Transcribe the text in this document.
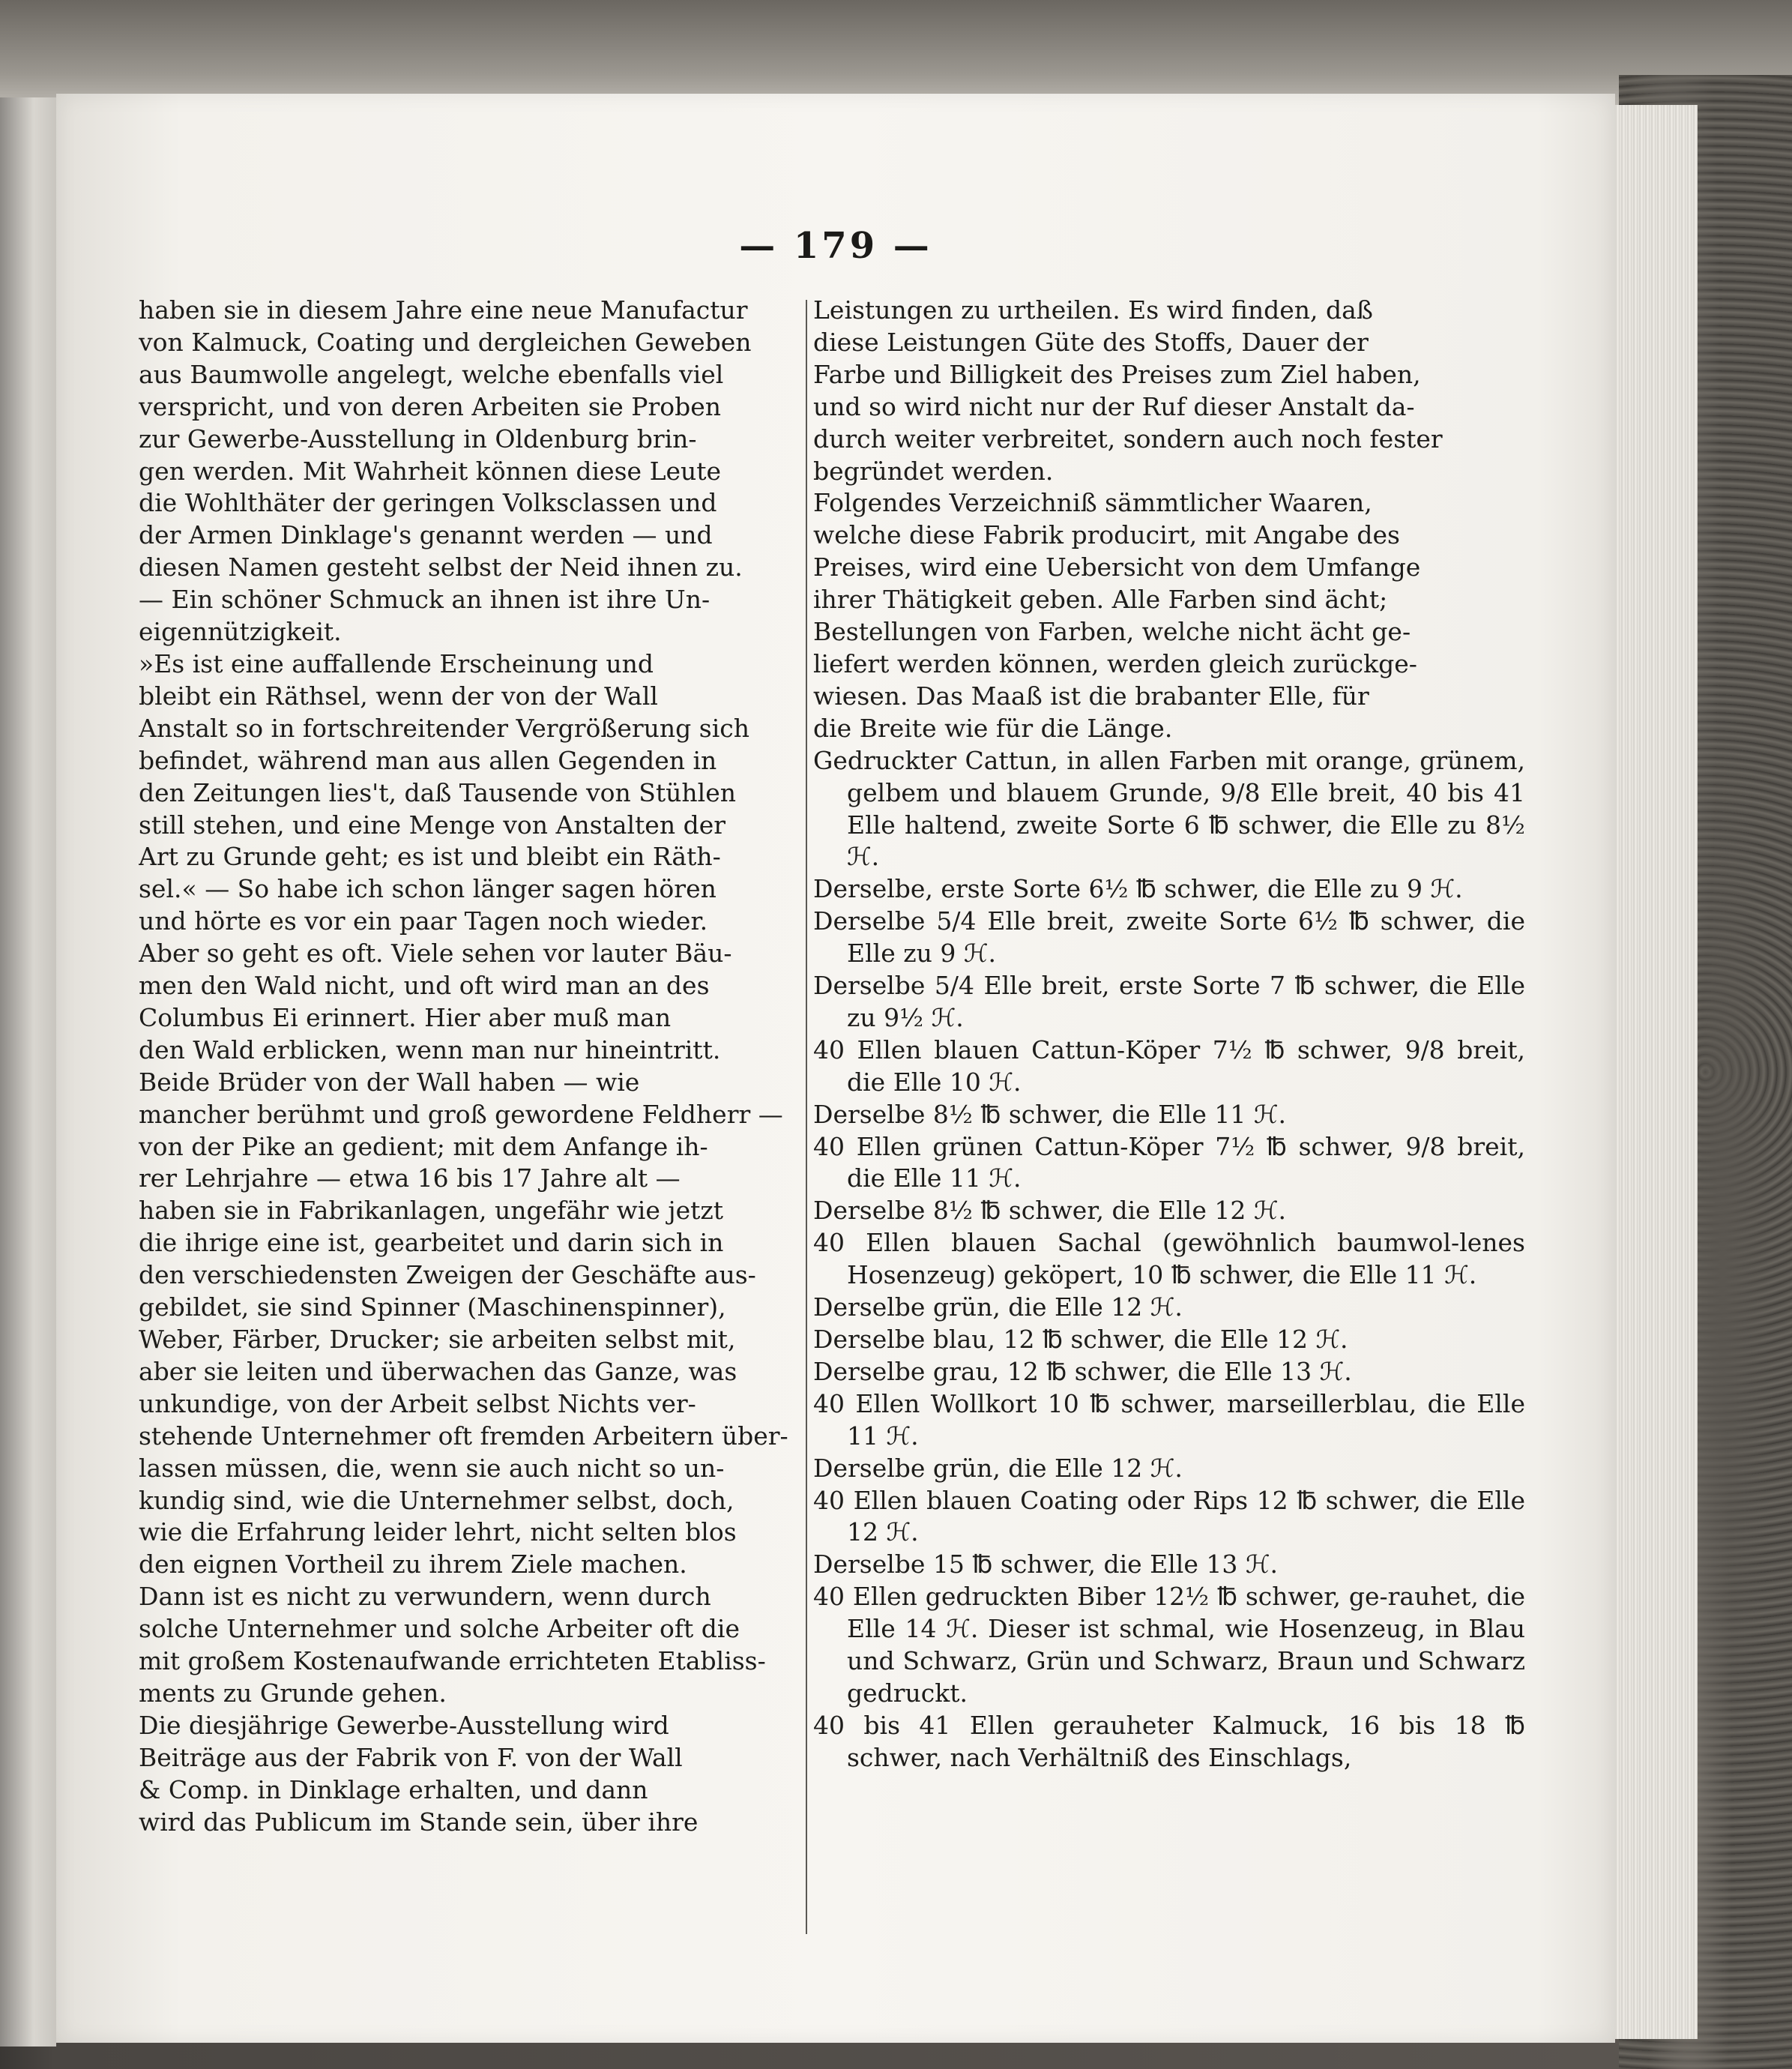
— 179 —
haben sie in diesem Jahre eine neue Manufactur
von Kalmuck, Coating und dergleichen Geweben
aus Baumwolle angelegt, welche ebenfalls viel
verspricht, und von deren Arbeiten sie Proben
zur Gewerbe-Ausstellung in Oldenburg brin-
gen werden. Mit Wahrheit können diese Leute
die Wohlthäter der geringen Volksclassen und
der Armen Dinklage's genannt werden — und
diesen Namen gesteht selbst der Neid ihnen zu.
— Ein schöner Schmuck an ihnen ist ihre Un-
eigennützigkeit.
»Es ist eine auffallende Erscheinung und
bleibt ein Räthsel, wenn der von der Wall
Anstalt so in fortschreitender Vergrößerung sich
befindet, während man aus allen Gegenden in
den Zeitungen lies't, daß Tausende von Stühlen
still stehen, und eine Menge von Anstalten der
Art zu Grunde geht; es ist und bleibt ein Räth-
sel.« — So habe ich schon länger sagen hören
und hörte es vor ein paar Tagen noch wieder.
Aber so geht es oft. Viele sehen vor lauter Bäu-
men den Wald nicht, und oft wird man an des
Columbus Ei erinnert. Hier aber muß man
den Wald erblicken, wenn man nur hineintritt.
Beide Brüder von der Wall haben — wie
mancher berühmt und groß gewordene Feldherr —
von der Pike an gedient; mit dem Anfange ih-
rer Lehrjahre — etwa 16 bis 17 Jahre alt —
haben sie in Fabrikanlagen, ungefähr wie jetzt
die ihrige eine ist, gearbeitet und darin sich in
den verschiedensten Zweigen der Geschäfte aus-
gebildet, sie sind Spinner (Maschinenspinner),
Weber, Färber, Drucker; sie arbeiten selbst mit,
aber sie leiten und überwachen das Ganze, was
unkundige, von der Arbeit selbst Nichts ver-
stehende Unternehmer oft fremden Arbeitern über-
lassen müssen, die, wenn sie auch nicht so un-
kundig sind, wie die Unternehmer selbst, doch,
wie die Erfahrung leider lehrt, nicht selten blos
den eignen Vortheil zu ihrem Ziele machen.
Dann ist es nicht zu verwundern, wenn durch
solche Unternehmer und solche Arbeiter oft die
mit großem Kostenaufwande errichteten Etabliss-
ments zu Grunde gehen.
Die diesjährige Gewerbe-Ausstellung wird
Beiträge aus der Fabrik von F. von der Wall
& Comp. in Dinklage erhalten, und dann
wird das Publicum im Stande sein, über ihre
Leistungen zu urtheilen. Es wird finden, daß
diese Leistungen Güte des Stoffs, Dauer der
Farbe und Billigkeit des Preises zum Ziel haben,
und so wird nicht nur der Ruf dieser Anstalt da-
durch weiter verbreitet, sondern auch noch fester
begründet werden.
Folgendes Verzeichniß sämmtlicher Waaren,
welche diese Fabrik producirt, mit Angabe des
Preises, wird eine Uebersicht von dem Umfange
ihrer Thätigkeit geben. Alle Farben sind ächt;
Bestellungen von Farben, welche nicht ächt ge-
liefert werden können, werden gleich zurückge-
wiesen. Das Maaß ist die brabanter Elle, für
die Breite wie für die Länge.
Gedruckter Cattun, in allen Farben mit orange, grünem, gelbem und blauem Grunde, 9/8 Elle breit, 40 bis 41 Elle haltend, zweite Sorte 6 ℔ schwer, die Elle zu 8½ ℋ.
Derselbe, erste Sorte 6½ ℔ schwer, die Elle zu 9 ℋ.
Derselbe 5/4 Elle breit, zweite Sorte 6½ ℔ schwer, die Elle zu 9 ℋ.
Derselbe 5/4 Elle breit, erste Sorte 7 ℔ schwer, die Elle zu 9½ ℋ.
40 Ellen blauen Cattun-Köper 7½ ℔ schwer, 9/8 breit, die Elle 10 ℋ.
Derselbe 8½ ℔ schwer, die Elle 11 ℋ.
40 Ellen grünen Cattun-Köper 7½ ℔ schwer, 9/8 breit, die Elle 11 ℋ.
Derselbe 8½ ℔ schwer, die Elle 12 ℋ.
40 Ellen blauen Sachal (gewöhnlich baumwol-lenes Hosenzeug) geköpert, 10 ℔ schwer, die Elle 11 ℋ.
Derselbe grün, die Elle 12 ℋ.
Derselbe blau, 12 ℔ schwer, die Elle 12 ℋ.
Derselbe grau, 12 ℔ schwer, die Elle 13 ℋ.
40 Ellen Wollkort 10 ℔ schwer, marseillerblau, die Elle 11 ℋ.
Derselbe grün, die Elle 12 ℋ.
40 Ellen blauen Coating oder Rips 12 ℔ schwer, die Elle 12 ℋ.
Derselbe 15 ℔ schwer, die Elle 13 ℋ.
40 Ellen gedruckten Biber 12½ ℔ schwer, ge-rauhet, die Elle 14 ℋ. Dieser ist schmal, wie Hosenzeug, in Blau und Schwarz, Grün und Schwarz, Braun und Schwarz gedruckt.
40 bis 41 Ellen gerauheter Kalmuck, 16 bis 18 ℔ schwer, nach Verhältniß des Einschlags,
